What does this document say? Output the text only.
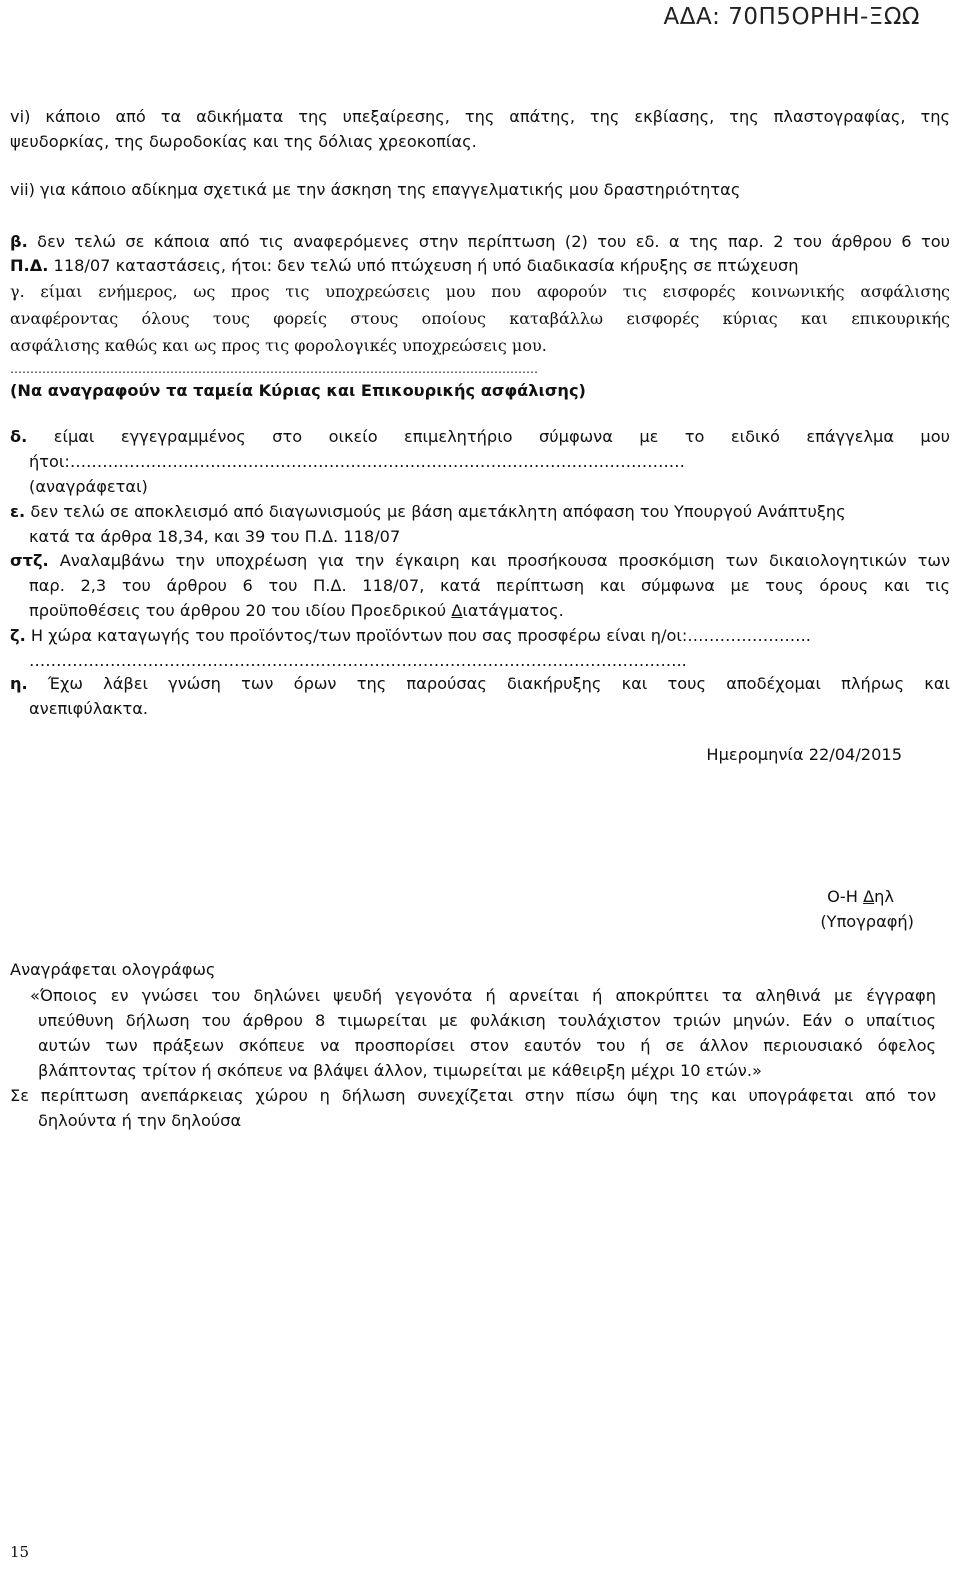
ΑΔΑ: 70Π5ΟΡΗΗ-ΞΩΩ
vi) κάποιο από τα αδικήματα της υπεξαίρεσης, της απάτης, της εκβίασης, της πλαστογραφίας, της
ψευδορκίας, της δωροδοκίας και της δόλιας χρεοκοπίας.
vii) για κάποιο αδίκημα σχετικά με την άσκηση της επαγγελματικής μου δραστηριότητας
β. δεν τελώ σε κάποια από τις αναφερόμενες στην περίπτωση (2) του εδ. α της παρ. 2 του άρθρου 6 του
Π.Δ. 118/07 καταστάσεις, ήτοι: δεν τελώ υπό πτώχευση ή υπό διαδικασία κήρυξης σε πτώχευση
γ. είμαι ενήμερος, ως προς τις υποχρεώσεις μου που αφορούν τις εισφορές κοινωνικής ασφάλισης
αναφέροντας όλους τους φορείς στους οποίους καταβάλλω εισφορές κύριας και επικουρικής
ασφάλισης καθώς και ως προς τις φορολογικές υποχρεώσεις μου.
……………………………………………………………………………………………………………………
(Να αναγραφούν τα ταμεία Κύριας και Επικουρικής ασφάλισης)
δ. είμαι εγγεγραμμένος στο οικείο επιμελητήριο σύμφωνα με το ειδικό επάγγελμα μου
ήτοι:……………………………………………………………………………………………………
(αναγράφεται)
ε. δεν τελώ σε αποκλεισμό από διαγωνισμούς με βάση αμετάκλητη απόφαση του Υπουργού Ανάπτυξης
κατά τα άρθρα 18,34, και 39 του Π.Δ. 118/07
στζ. Αναλαμβάνω την υποχρέωση για την έγκαιρη και προσήκουσα προσκόμιση των δικαιολογητικών των
παρ. 2,3 του άρθρου 6 του Π.Δ. 118/07, κατά περίπτωση και σύμφωνα με τους όρους και τις
προϋποθέσεις του άρθρου 20 του ιδίου Προεδρικού Διατάγματος.
ζ. Η χώρα καταγωγής του προϊόντος/των προϊόντων που σας προσφέρω είναι η/οι:…………………..
…………………………………………………………………………………………………………..
η. Έχω λάβει γνώση των όρων της παρούσας διακήρυξης και τους αποδέχομαι πλήρως και
ανεπιφύλακτα.
Ημερομηνία 22/04/2015
Ο-Η Δηλ
(Υπογραφή)
Αναγράφεται ολογράφως
«Όποιος εν γνώσει του δηλώνει ψευδή γεγονότα ή αρνείται ή αποκρύπτει τα αληθινά με έγγραφη
υπεύθυνη δήλωση του άρθρου 8 τιμωρείται με φυλάκιση τουλάχιστον τριών μηνών. Εάν ο υπαίτιος
αυτών των πράξεων σκόπευε να προσπορίσει στον εαυτόν του ή σε άλλον περιουσιακό όφελος
βλάπτοντας τρίτον ή σκόπευε να βλάψει άλλον, τιμωρείται με κάθειρξη μέχρι 10 ετών.»
Σε περίπτωση ανεπάρκειας χώρου η δήλωση συνεχίζεται στην πίσω όψη της και υπογράφεται από τον
δηλούντα ή την δηλούσα
15
